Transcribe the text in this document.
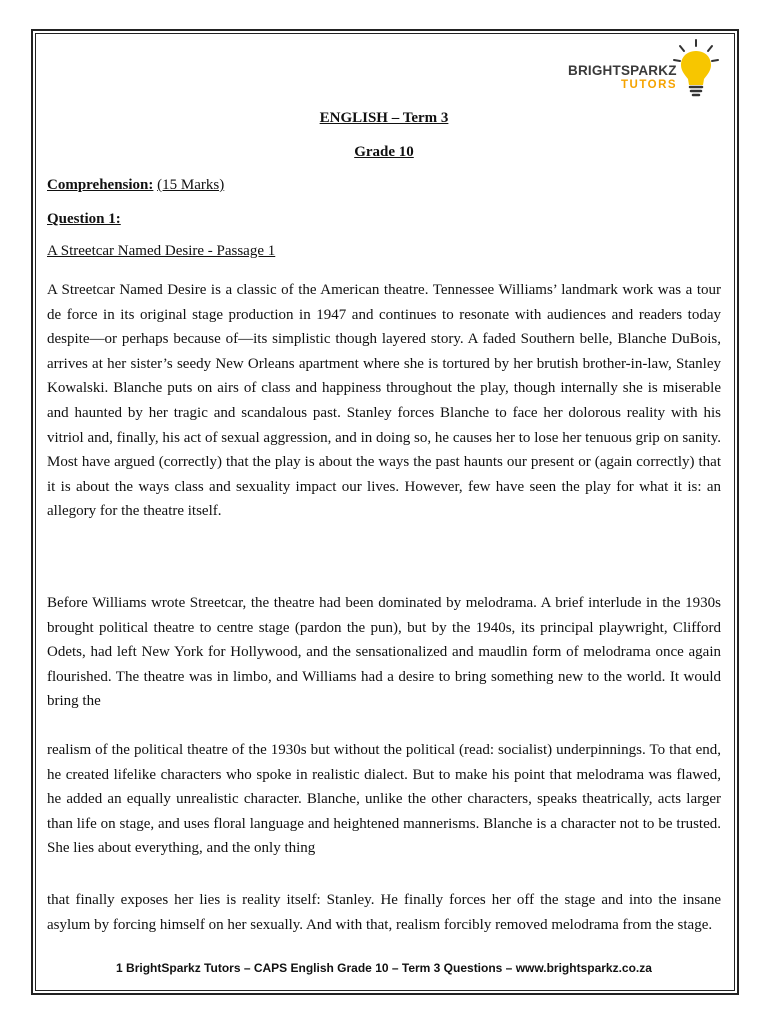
BRIGHTSPARKZ
TUTORS
ENGLISH – Term 3
Grade 10
Comprehension: (15 Marks)
Question 1:
A Streetcar Named Desire - Passage 1

A Streetcar Named Desire is a classic of the American theatre. Tennessee Williams’ landmark work was a tour de force in its original stage production in 1947 and continues to resonate with audiences and readers today despite—or perhaps because of—its simplistic though layered story. A faded Southern belle, Blanche DuBois, arrives at her sister’s seedy New Orleans apartment where she is tortured by her brutish brother-in-law, Stanley Kowalski. Blanche puts on airs of class and happiness throughout the play, though internally she is miserable and haunted by her tragic and scandalous past. Stanley forces Blanche to face her dolorous reality with his vitriol and, finally, his act of sexual aggression, and in doing so, he causes her to lose her tenuous grip on sanity. Most have argued (correctly) that the play is about the ways the past haunts our present or (again correctly) that it is about the ways class and sexuality impact our lives. However, few have seen the play for what it is: an allegory for the theatre itself.

Before Williams wrote Streetcar, the theatre had been dominated by melodrama. A brief interlude in the 1930s brought political theatre to centre stage (pardon the pun), but by the 1940s, its principal playwright, Clifford Odets, had left New York for Hollywood, and the sensationalized and maudlin form of melodrama once again flourished. The theatre was in limbo, and Williams had a desire to bring something new to the world. It would bring the

realism of the political theatre of the 1930s but without the political (read: socialist) underpinnings. To that end, he created lifelike characters who spoke in realistic dialect. But to make his point that melodrama was flawed, he added an equally unrealistic character. Blanche, unlike the other characters, speaks theatrically, acts larger than life on stage, and uses floral language and heightened mannerisms. Blanche is a character not to be trusted. She lies about everything, and the only thing

that finally exposes her lies is reality itself: Stanley. He finally forces her off the stage and into the insane asylum by forcing himself on her sexually. And with that, realism forcibly removed melodrama from the stage.

1 BrightSparkz Tutors – CAPS English Grade 10 – Term 3 Questions – www.brightsparkz.co.za
